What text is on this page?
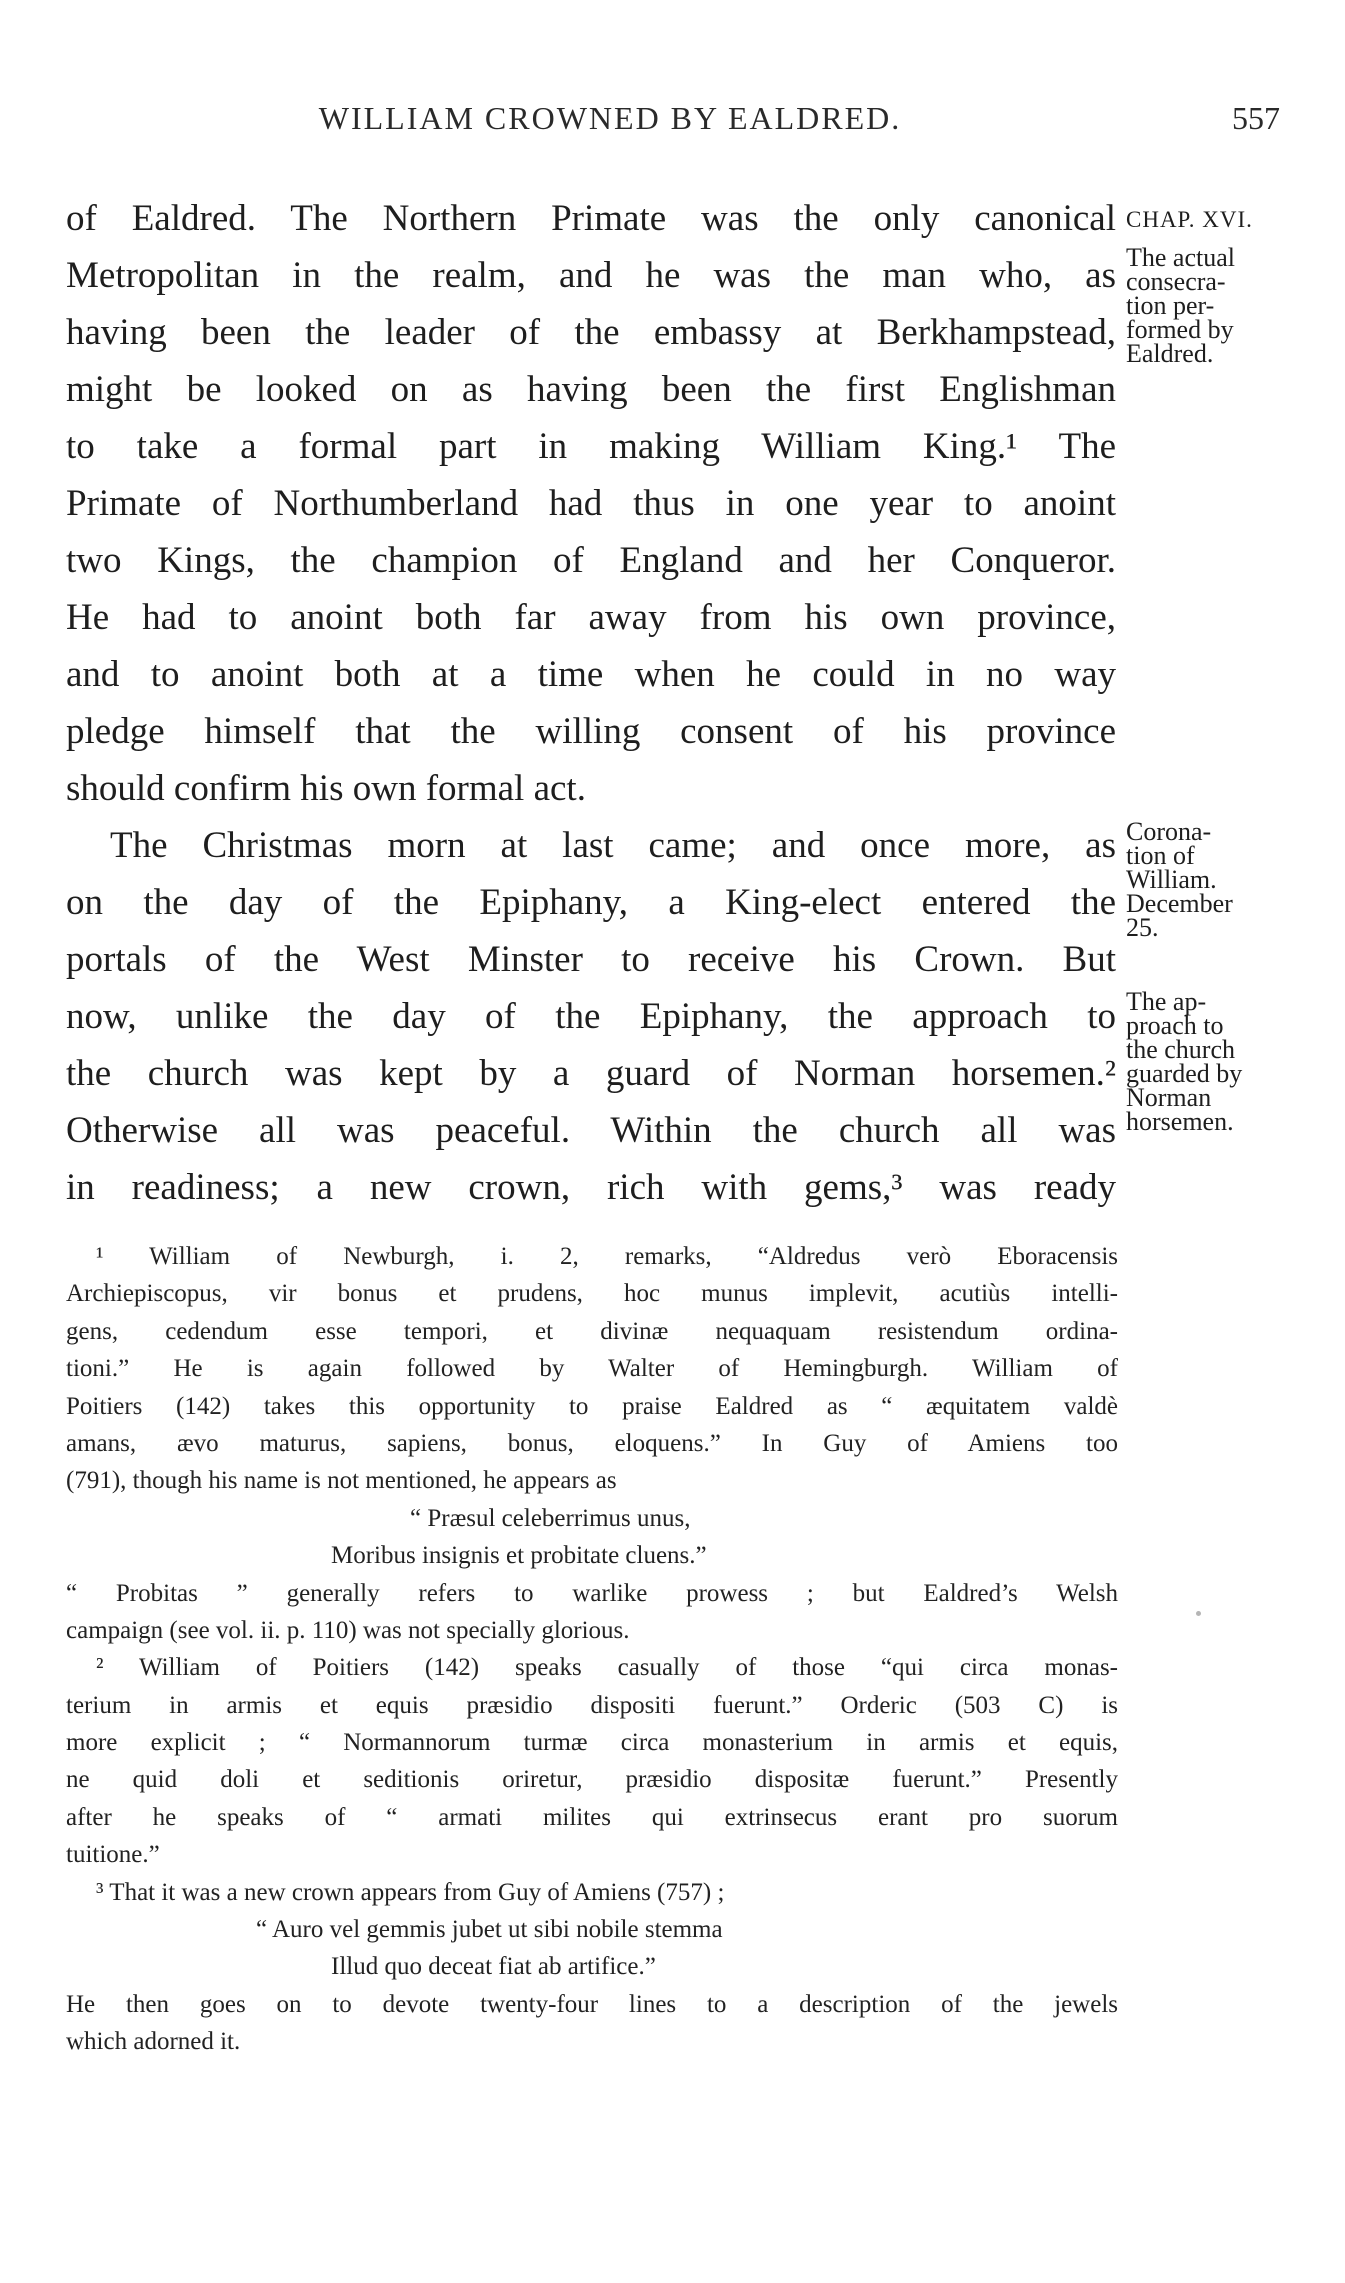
WILLIAM CROWNED BY EALDRED.	557
of Ealdred. The Northern Primate was the only canonical
Metropolitan in the realm, and he was the man who, as
having been the leader of the embassy at Berkhampstead,
might be looked on as having been the first Englishman
to take a formal part in making William King.¹ The
Primate of Northumberland had thus in one year to anoint
two Kings, the champion of England and her Conqueror.
He had to anoint both far away from his own province,
and to anoint both at a time when he could in no way
pledge himself that the willing consent of his province
should confirm his own formal act.
The Christmas morn at last came; and once more, as
on the day of the Epiphany, a King-elect entered the
portals of the West Minster to receive his Crown. But
now, unlike the day of the Epiphany, the approach to
the church was kept by a guard of Norman horsemen.²
Otherwise all was peaceful. Within the church all was
in readiness; a new crown, rich with gems,³ was ready
CHAP. XVI.
The actual
consecra-
tion per-
formed by
Ealdred.
Corona-
tion of
William.
December
25.
The ap-
proach to
the church
guarded by
Norman
horsemen.
¹ William of Newburgh, i. 2, remarks, “Aldredus verò Eboracensis
Archiepiscopus, vir bonus et prudens, hoc munus implevit, acutiùs intelli-
gens, cedendum esse tempori, et divinæ nequaquam resistendum ordina-
tioni.” He is again followed by Walter of Hemingburgh. William of
Poitiers (142) takes this opportunity to praise Ealdred as “ æquitatem valdè
amans, ævo maturus, sapiens, bonus, eloquens.” In Guy of Amiens too
(791), though his name is not mentioned, he appears as
“ Præsul celeberrimus unus,
Moribus insignis et probitate cluens.”
“ Probitas ” generally refers to warlike prowess ; but Ealdred’s Welsh
campaign (see vol. ii. p. 110) was not specially glorious.
² William of Poitiers (142) speaks casually of those “qui circa monas-
terium in armis et equis præsidio dispositi fuerunt.” Orderic (503 C) is
more explicit ; “ Normannorum turmæ circa monasterium in armis et equis,
ne quid doli et seditionis oriretur, præsidio dispositæ fuerunt.” Presently
after he speaks of “ armati milites qui extrinsecus erant pro suorum
tuitione.”
³ That it was a new crown appears from Guy of Amiens (757) ;
“ Auro vel gemmis jubet ut sibi nobile stemma
Illud quo deceat fiat ab artifice.”
He then goes on to devote twenty-four lines to a description of the jewels
which adorned it.
